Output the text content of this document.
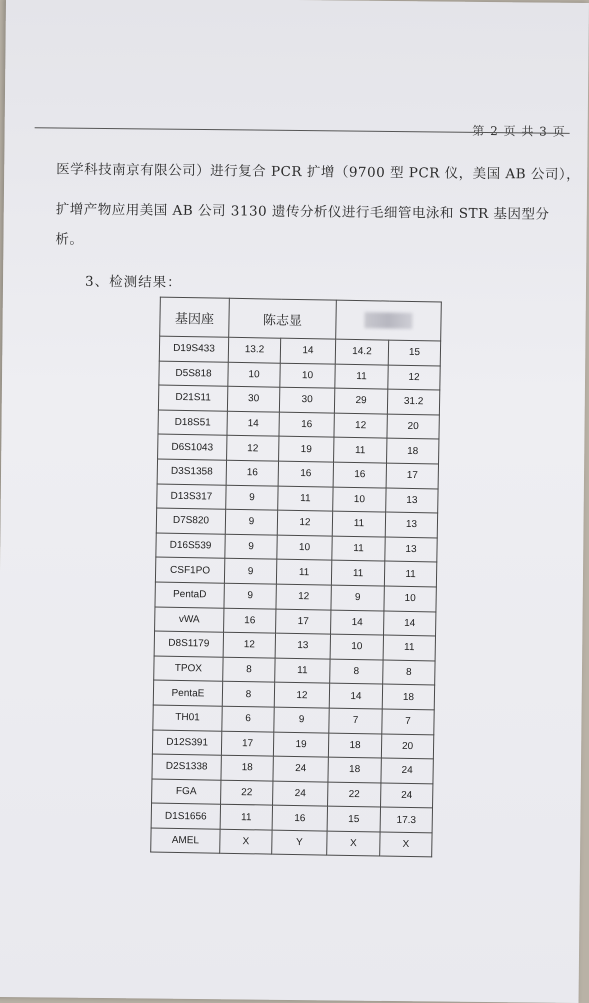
第 2 页 共 3 页
医学科技南京有限公司）进行复合 PCR 扩增（9700 型 PCR 仪，美国 AB 公司），
扩增产物应用美国 AB 公司 3130 遗传分析仪进行毛细管电泳和 STR 基因型分
析。
3、检测结果：
基因座	陈志显			
D19S433	13.2	14	14.2	15
D5S818	10	10	11	12
D21S11	30	30	29	31.2
D18S51	14	16	12	20
D6S1043	12	19	11	18
D3S1358	16	16	16	17
D13S317	9	11	10	13
D7S820	9	12	11	13
D16S539	9	10	11	13
CSF1PO	9	11	11	11
PentaD	9	12	9	10
vWA	16	17	14	14
D8S1179	12	13	10	11
TPOX	8	11	8	8
PentaE	8	12	14	18
TH01	6	9	7	7
D12S391	17	19	18	20
D2S1338	18	24	18	24
FGA	22	24	22	24
D1S1656	11	16	15	17.3
AMEL	X	Y	X	X
